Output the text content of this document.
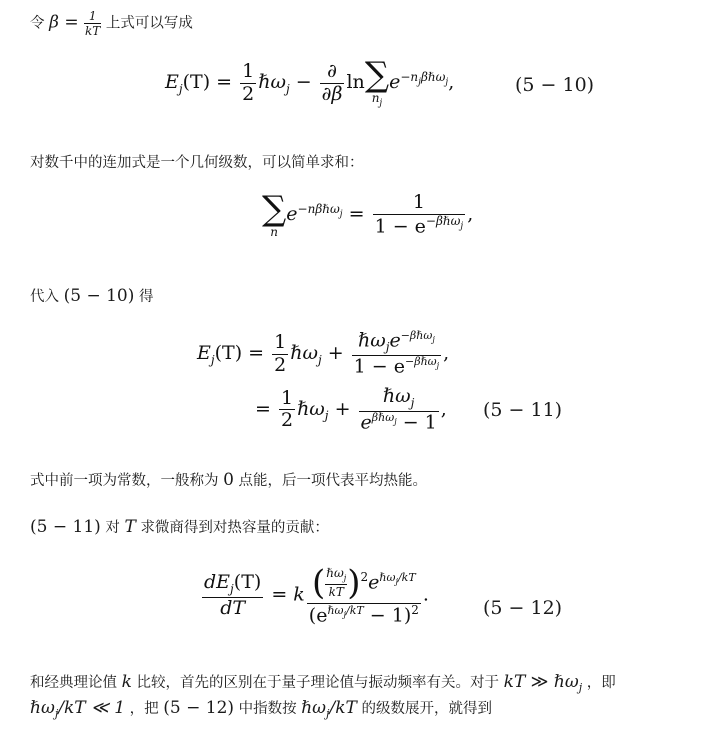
令 $\beta = \frac{1}{kT}$ 上式可以写成
$E_j(T) = \frac{1}{2}$ ℏω$_j$ − $\frac{\partial}{\partial\beta}$ ln ∑
$n_j$
$e^{-n_j\beta\hbar\omega_j}$,	(5 − 10)
对数千中的连加式是一个几何级数，可以简单求和：
∑
n
$e^{-n\beta\hbar\omega_j} = \frac{1}{1 - e^{-\beta\hbar\omega_j}}$ ,
代入 (5 − 10) 得
$E_j(T) = \frac{1}{2}$ ℏω$_j$ + $\frac{\hbar\omega_je^{-\beta\hbar\omega_j}}{1 - e^{-\beta\hbar\omega_j}}$ ,
= $\frac{1}{2}$ ℏω$_j$ + $\frac{\hbar\omega_j}{e^{\beta\hbar\omega_j} - 1}$ , (5 − 11)
式中前一项为常数，一般称为 0 点能，后一项代表平均热能。
(5 − 11) 对 T 求微商得到对热容量的贡献：
$\frac{dE_j(T)}{dT} = k \frac{( \frac{\hbar\omega_j}{kT} )^2e^{\hbar\omega_j/kT}}{(e^{\hbar\omega_j/kT} - 1)^2}$ .
(5 − 12)
和经典理论值 k 比较，首先的区别在于量子理论值与振动频率有关。对于 kT ≫ ℏω$_j$ ，即
ℏω$_j$/kT ≪ 1 ，把 (5 − 12) 中指数按 ℏω$_j$/kT 的级数展开，就得到
